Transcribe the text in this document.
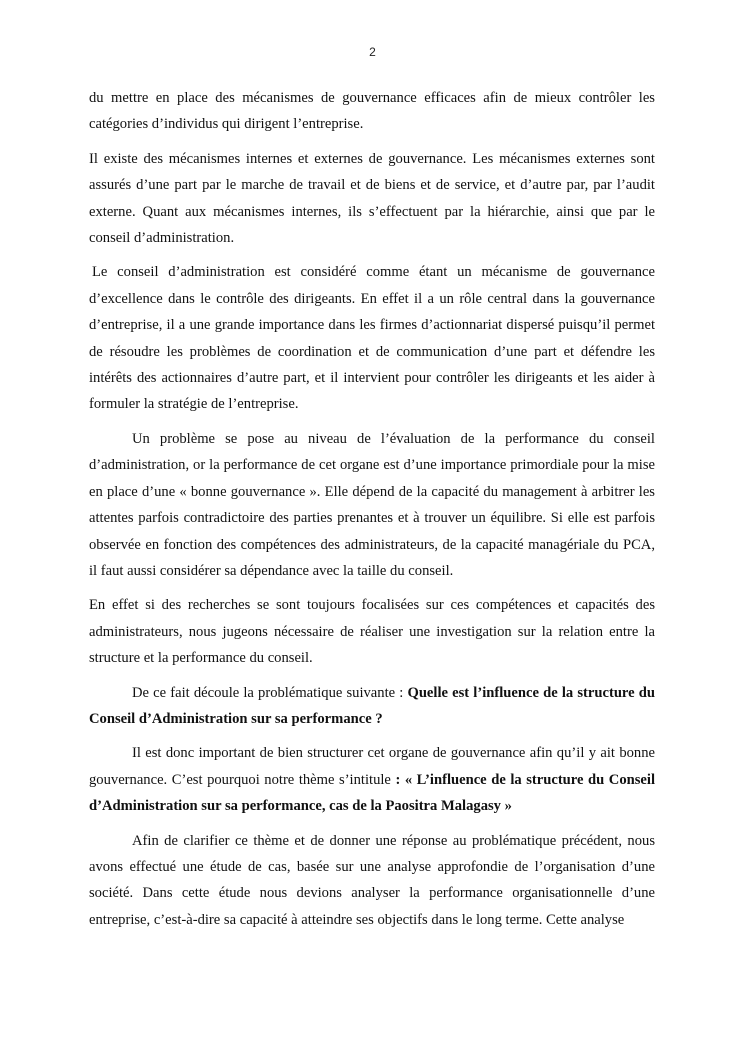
2

du mettre en place des mécanismes de gouvernance efficaces afin de mieux contrôler les catégories d’individus qui dirigent l’entreprise.

Il existe des mécanismes internes et externes de gouvernance. Les mécanismes externes sont assurés d’une part par le marche de travail et de biens et de service, et d’autre par, par l’audit externe. Quant aux mécanismes internes, ils s’effectuent par la hiérarchie, ainsi que par le conseil d’administration.

Le conseil d’administration est considéré comme étant un mécanisme de gouvernance d’excellence dans le contrôle des dirigeants. En effet il a un rôle central dans la gouvernance d’entreprise, il a une grande importance dans les firmes d’actionnariat dispersé puisqu’il permet de résoudre les problèmes de coordination et de communication d’une part et défendre les intérêts des actionnaires d’autre part, et il intervient pour contrôler les dirigeants et les aider à formuler la stratégie de l’entreprise.

Un problème se pose au niveau de l’évaluation de la performance du conseil d’administration, or la performance de cet organe est d’une importance primordiale pour la mise en place d’une « bonne gouvernance ». Elle dépend de la capacité du management à arbitrer les attentes parfois contradictoire des parties prenantes et à trouver un équilibre. Si elle est parfois observée en fonction des compétences des administrateurs, de la capacité managériale du PCA, il faut aussi considérer sa dépendance avec la taille du conseil.

En effet si des recherches se sont toujours focalisées sur ces compétences et capacités des administrateurs, nous jugeons nécessaire de réaliser une investigation sur la relation entre la structure et la performance du conseil.

De ce fait découle la problématique suivante : Quelle est l’influence de la structure du Conseil d’Administration sur sa performance ?

Il est donc important de bien structurer cet organe de gouvernance afin qu’il y ait bonne gouvernance. C’est pourquoi notre thème s’intitule : « L’influence de la structure du Conseil d’Administration sur sa performance, cas de la Paositra Malagasy »

Afin de clarifier ce thème et de donner une réponse au problématique précédent, nous avons effectué une étude de cas, basée sur une analyse approfondie de l’organisation d’une société. Dans cette étude nous devions analyser la performance organisationnelle d’une entreprise, c’est-à-dire sa capacité à atteindre ses objectifs dans le long terme. Cette analyse
